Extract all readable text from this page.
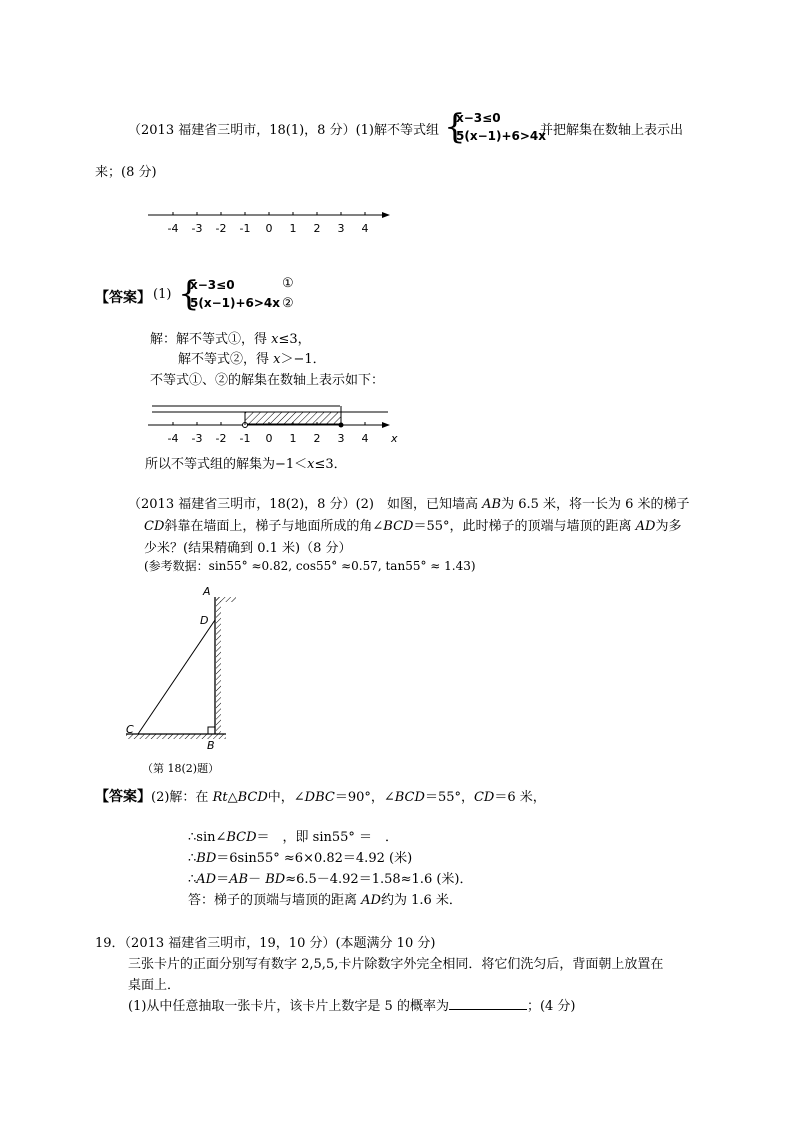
（2013 福建省三明市，18(1)，8 分）(1)解不等式组 {
x−3≤0
5(x−1)+6>4x
并把解集在数轴上表示出
来；(8 分)
-4 -3 -2 -1 0 1 2 3 4
【答案】 (1) {
x−3≤0
5(x−1)+6>4x
①
②
解：解不等式①，得 x≤3，
解不等式②，得 x＞−1．
不等式①、②的解集在数轴上表示如下：
-4 -3 -2 -1 0 1 2 3 4 x
所以不等式组的解集为−1＜x≤3．
（2013 福建省三明市，18(2)，8 分）(2)　如图，已知墙高 AB为 6.5 米，将一长为 6 米的梯子
CD斜靠在墙面上，梯子与地面所成的角∠BCD＝55°，此时梯子的顶端与墙顶的距离 AD为多
少米？(结果精确到 0.1 米)（8 分）
(参考数据：sin55° ≈0.82, cos55° ≈0.57, tan55° ≈ 1.43)
A
D
C
B
（第 18(2)题）
【答案】(2)解：在 Rt△BCD中，∠DBC＝90°，∠BCD＝55°，CD＝6 米，
∴sin∠BCD＝　，即 sin55° ＝　．
∴BD＝6sin55° ≈6×0.82＝4.92 (米)
∴AD＝AB－ BD≈6.5－4.92＝1.58≈1.6 (米)．
答：梯子的顶端与墙顶的距离 AD约为 1.6 米．
19．（2013 福建省三明市，19，10 分）(本题满分 10 分)
三张卡片的正面分别写有数字 2,5,5,卡片除数字外完全相同．将它们洗匀后，背面朝上放置在
桌面上．
(1)从中任意抽取一张卡片，该卡片上数字是 5 的概率为	；(4 分)
